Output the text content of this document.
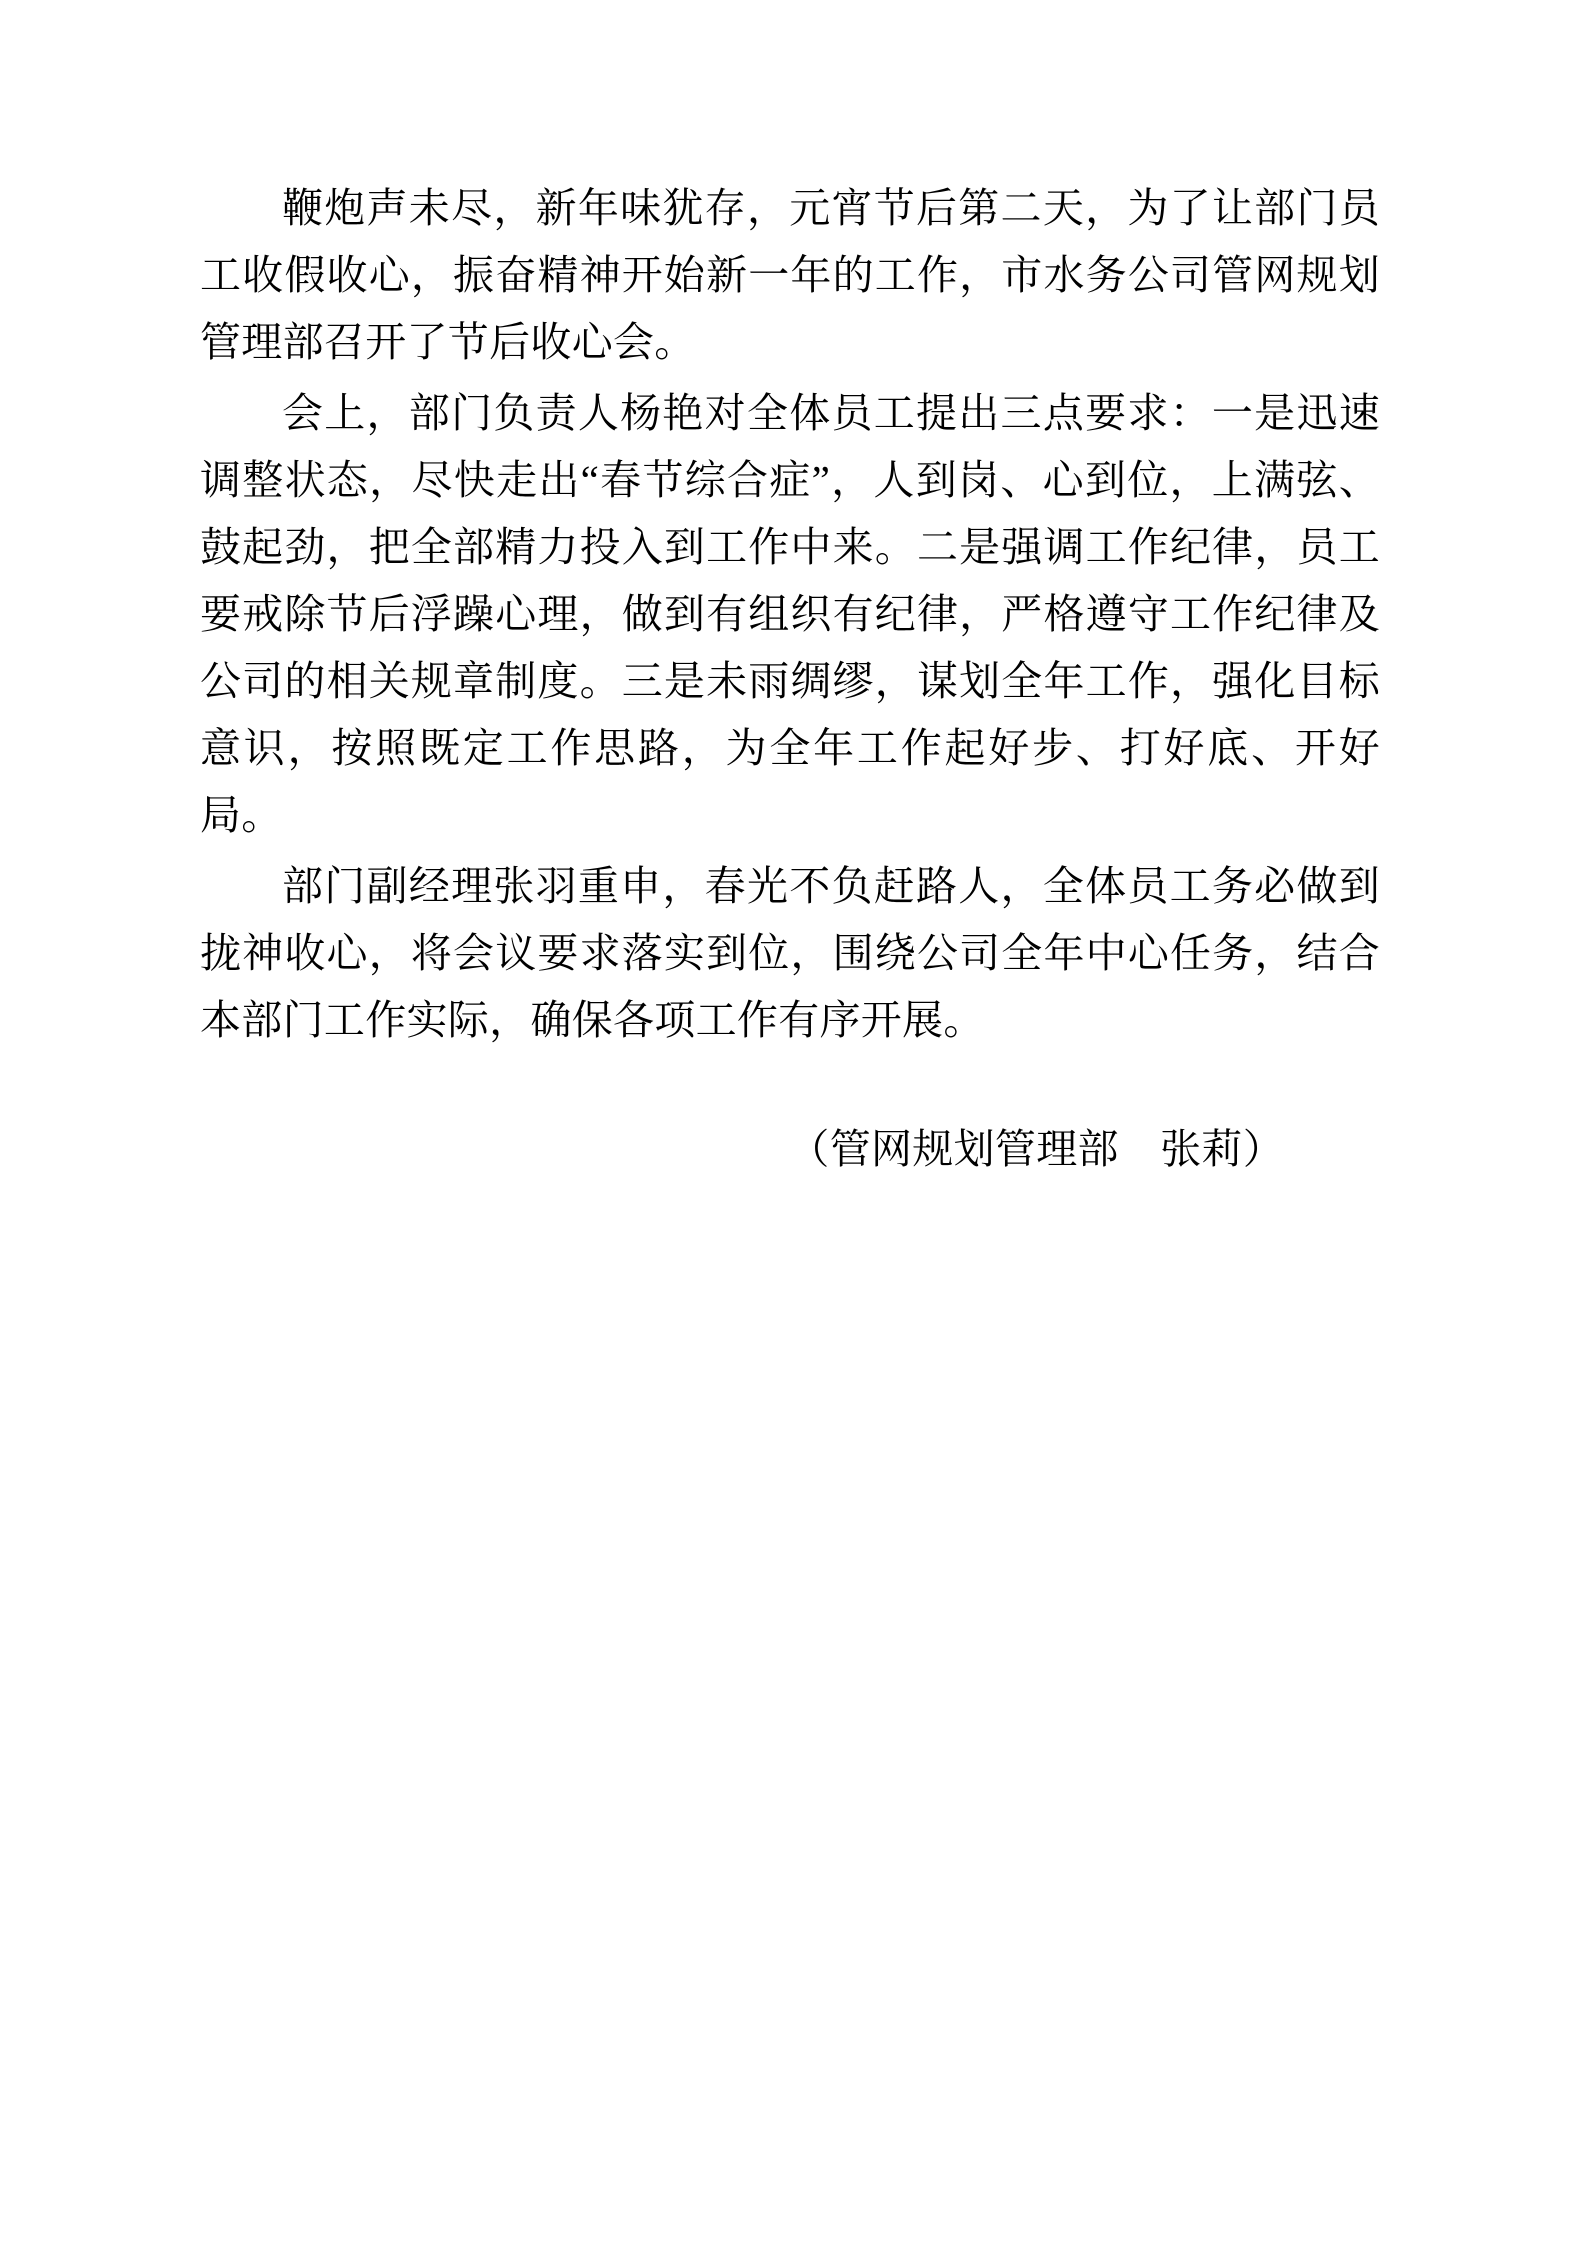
鞭炮声未尽，新年味犹存，元宵节后第二天，为了让部门员工收假收心，振奋精神开始新一年的工作，市水务公司管网规划管理部召开了节后收心会。

会上，部门负责人杨艳对全体员工提出三点要求：一是迅速调整状态，尽快走出“春节综合症”，人到岗、心到位，上满弦、鼓起劲，把全部精力投入到工作中来。二是强调工作纪律，员工要戒除节后浮躁心理，做到有组织有纪律，严格遵守工作纪律及公司的相关规章制度。三是未雨绸缪，谋划全年工作，强化目标意识，按照既定工作思路，为全年工作起好步、打好底、开好局。

部门副经理张羽重申，春光不负赶路人，全体员工务必做到拢神收心，将会议要求落实到位，围绕公司全年中心任务，结合本部门工作实际，确保各项工作有序开展。

（管网规划管理部　张莉）
